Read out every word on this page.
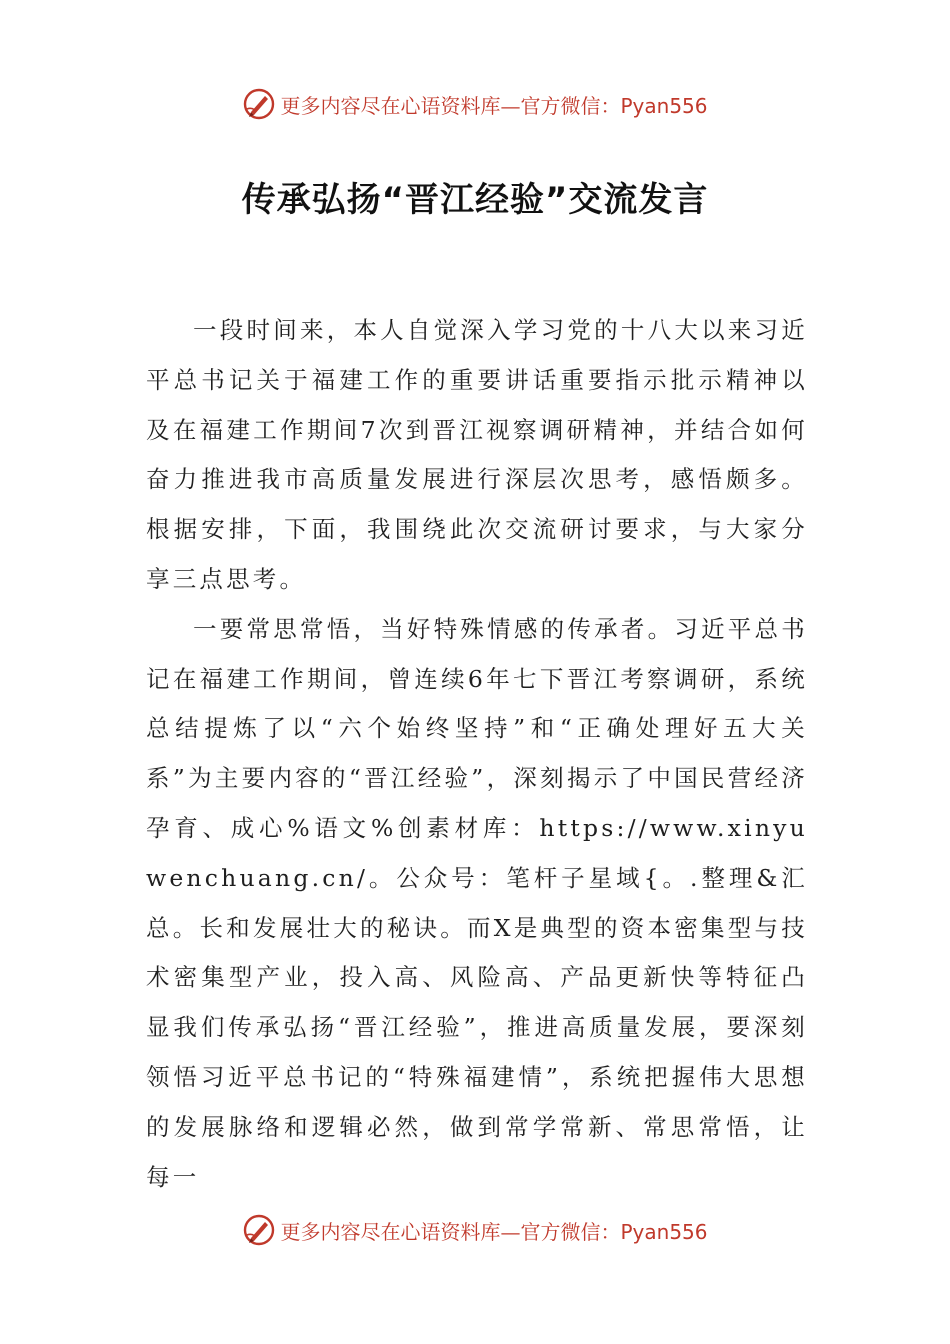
更多内容尽在心语资料库—官方微信：Pyan556
传承弘扬“晋江经验”交流发言

一段时间来，本人自觉深入学习党的十八大以来习近平总书记关于福建工作的重要讲话重要指示批示精神以及在福建工作期间7次到晋江视察调研精神，并结合如何奋力推进我市高质量发展进行深层次思考，感悟颇多。根据安排，下面，我围绕此次交流研讨要求，与大家分享三点思考。

一要常思常悟，当好特殊情感的传承者。习近平总书记在福建工作期间，曾连续6年七下晋江考察调研，系统总结提炼了以“六个始终坚持”和“正确处理好五大关系”为主要内容的“晋江经验”，深刻揭示了中国民营经济孕育、成心%语文%创素材库：https://www.xinyuwenchuang.cn/。公众号：笔杆子星域{。.整理&汇总。长和发展壮大的秘诀。而X是典型的资本密集型与技术密集型产业，投入高、风险高、产品更新快等特征凸显我们传承弘扬“晋江经验”，推进高质量发展，要深刻领悟习近平总书记的“特殊福建情”，系统把握伟大思想的发展脉络和逻辑必然，做到常学常新、常思常悟，让每一

更多内容尽在心语资料库—官方微信：Pyan556
